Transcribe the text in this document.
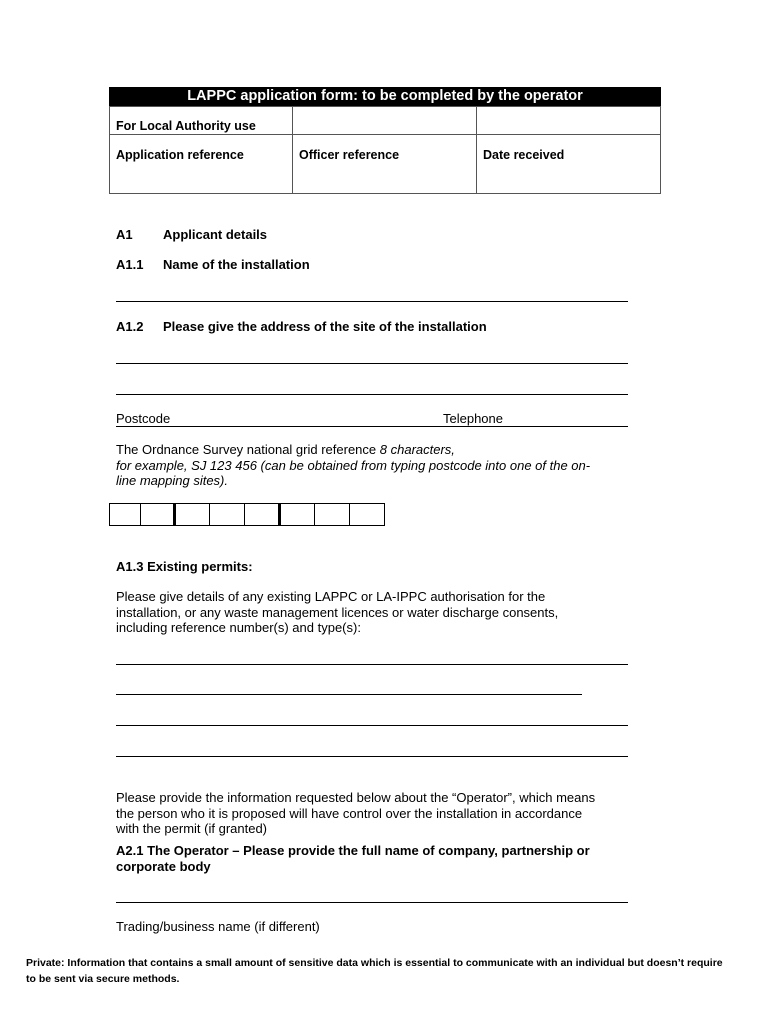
LAPPC application form: to be completed by the operator
For Local Authority use
Application reference	Officer reference	Date received
A1 Applicant details
A1.1 Name of the installation
A1.2 Please give the address of the site of the installation
Postcode	Telephone
The Ordnance Survey national grid reference 8 characters,
for example, SJ 123 456 (can be obtained from typing postcode into one of the on-
line mapping sites).
A1.3 Existing permits:
Please give details of any existing LAPPC or LA-IPPC authorisation for the
installation, or any waste management licences or water discharge consents,
including reference number(s) and type(s):
Please provide the information requested below about the “Operator”, which means
the person who it is proposed will have control over the installation in accordance
with the permit (if granted)
A2.1 The Operator – Please provide the full name of company, partnership or
corporate body
Trading/business name (if different)
Private: Information that contains a small amount of sensitive data which is essential to communicate with an individual but doesn’t require
to be sent via secure methods.
